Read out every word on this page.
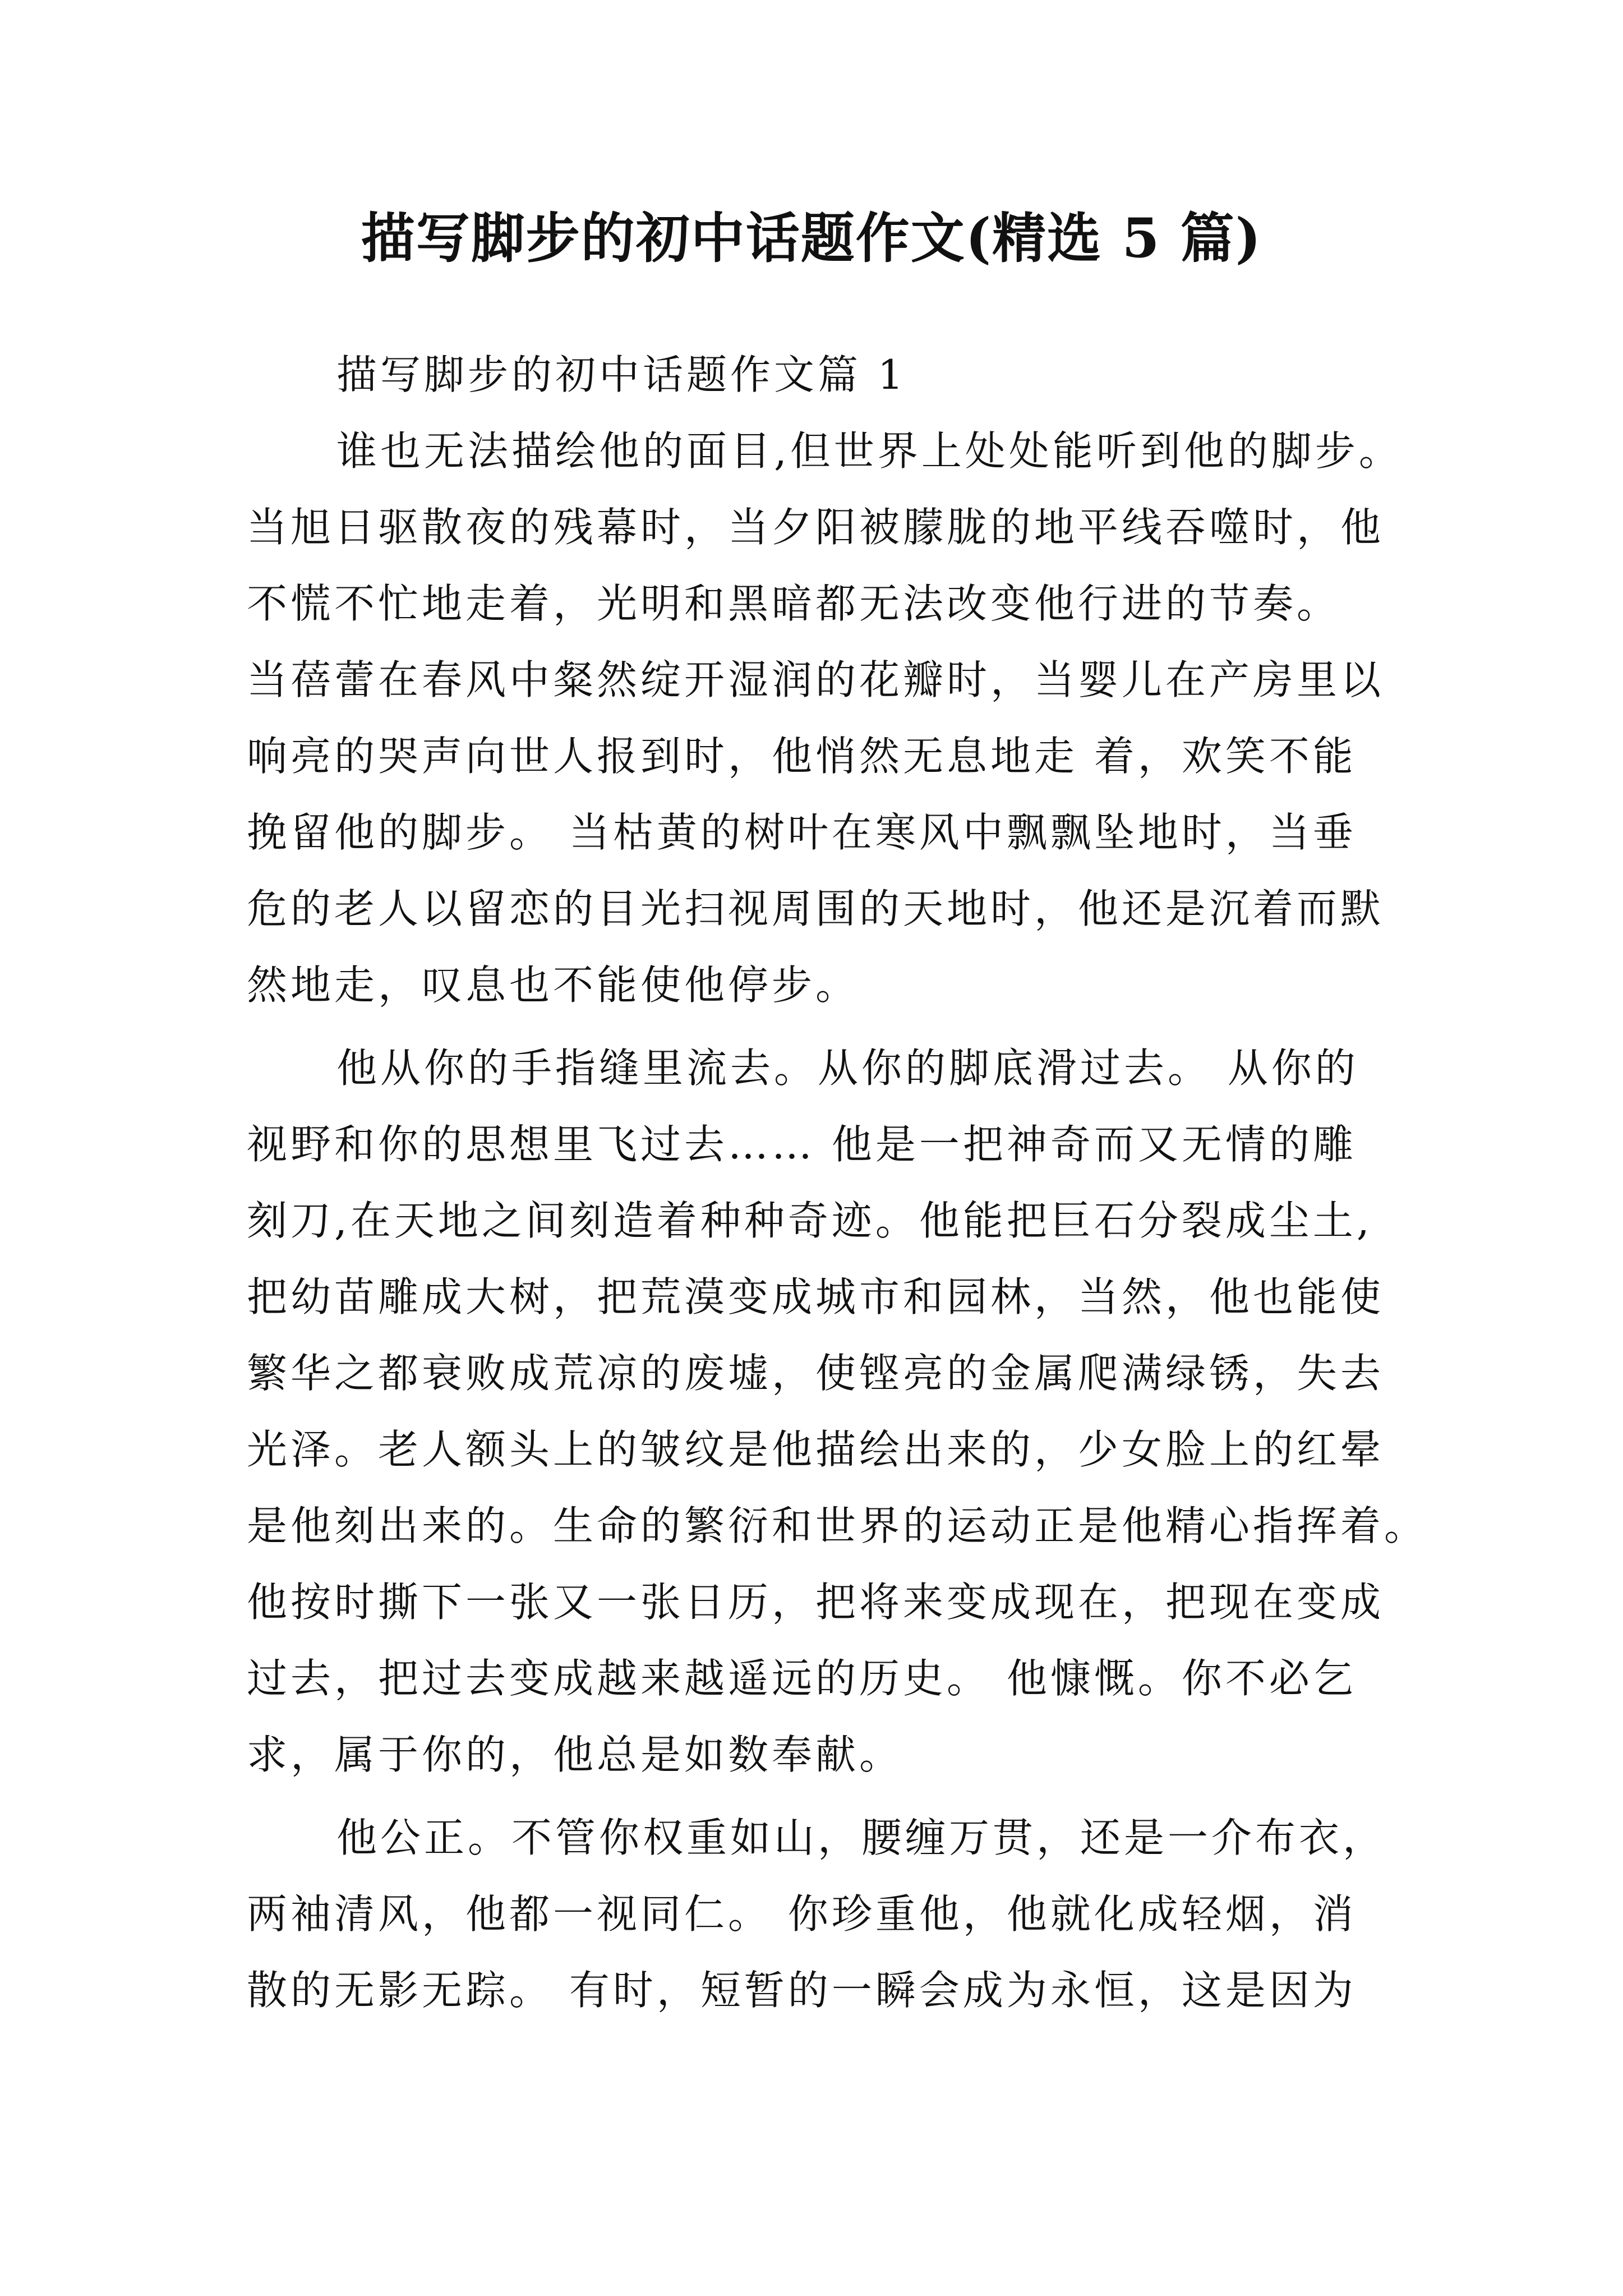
描写脚步的初中话题作文(精选 5 篇)

描写脚步的初中话题作文篇 1

谁也无法描绘他的面目,但世界上处处能听到他的脚步。
当旭日驱散夜的残幕时，当夕阳被朦胧的地平线吞噬时，他
不慌不忙地走着，光明和黑暗都无法改变他行进的节奏。
当蓓蕾在春风中粲然绽开湿润的花瓣时，当婴儿在产房里以
响亮的哭声向世人报到时，他悄然无息地走 着，欢笑不能
挽留他的脚步。 当枯黄的树叶在寒风中飘飘坠地时，当垂
危的老人以留恋的目光扫视周围的天地时，他还是沉着而默
然地走，叹息也不能使他停步。

他从你的手指缝里流去。从你的脚底滑过去。 从你的
视野和你的思想里飞过去…… 他是一把神奇而又无情的雕
刻刀,在天地之间刻造着种种奇迹。他能把巨石分裂成尘土,
把幼苗雕成大树，把荒漠变成城市和园林，当然，他也能使
繁华之都衰败成荒凉的废墟，使铿亮的金属爬满绿锈，失去
光泽。老人额头上的皱纹是他描绘出来的，少女脸上的红晕
是他刻出来的。生命的繁衍和世界的运动正是他精心指挥着。
他按时撕下一张又一张日历，把将来变成现在，把现在变成
过去，把过去变成越来越遥远的历史。 他慷慨。你不必乞
求，属于你的，他总是如数奉献。

他公正。不管你权重如山，腰缠万贯，还是一介布衣，
两袖清风，他都一视同仁。 你珍重他，他就化成轻烟，消
散的无影无踪。 有时，短暂的一瞬会成为永恒，这是因为
